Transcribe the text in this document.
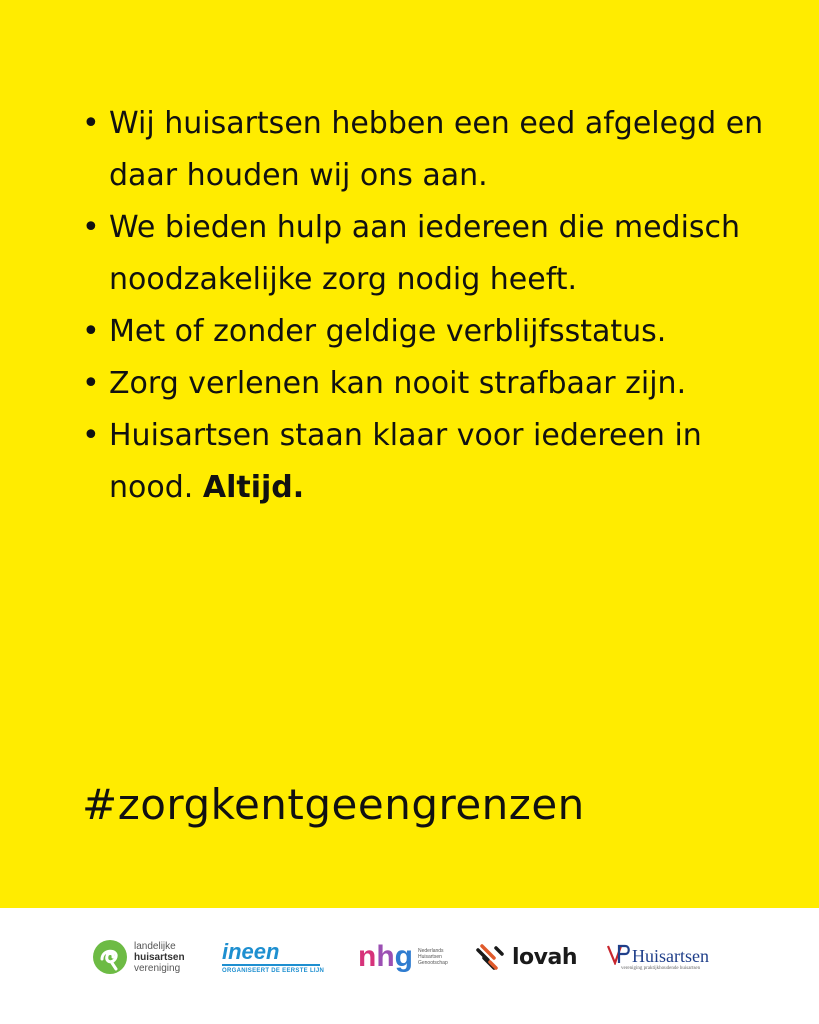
• Wij huisartsen hebben een eed afgelegd en daar houden wij ons aan.
• We bieden hulp aan iedereen die medisch noodzakelijke zorg nodig heeft.
• Met of zonder geldige verblijfsstatus.
• Zorg verlenen kan nooit strafbaar zijn.
• Huisartsen staan klaar voor iedereen in nood. Altijd.
#zorgkentgeengrenzen
landelijke
huisartsen
vereniging
ineen
ORGANISEERT DE EERSTE LIJN nhg Nederlands
Huisartsen
Genootschap	lovah	Huisartsen
vereniging praktijkhoudende huisartsen
